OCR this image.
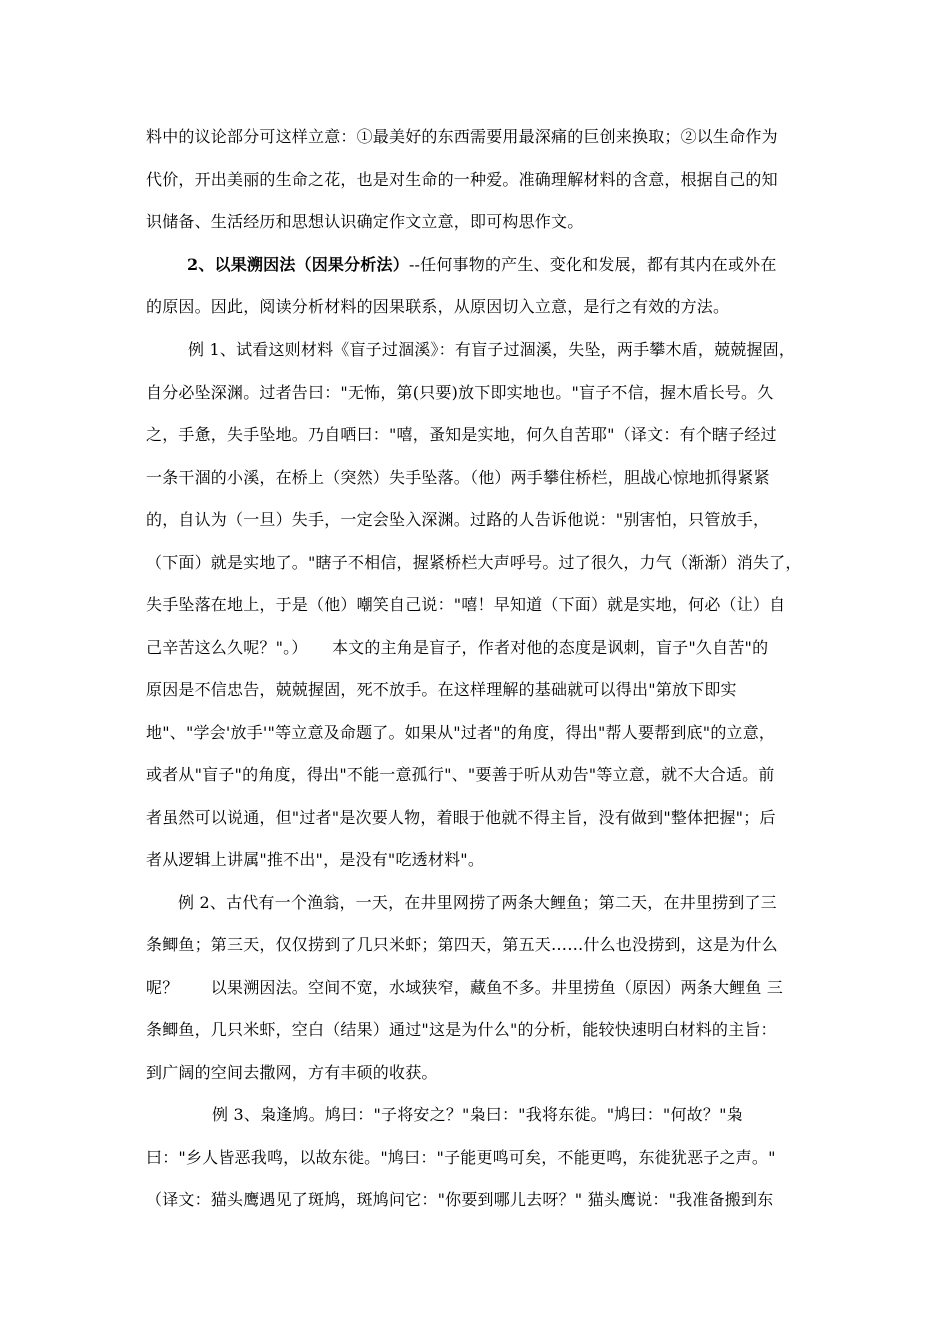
料中的议论部分可这样立意：①最美好的东西需要用最深痛的巨创来换取；②以生命作为
代价，开出美丽的生命之花，也是对生命的一种爱。准确理解材料的含意，根据自己的知
识储备、生活经历和思想认识确定作文立意，即可构思作文。
2、以果溯因法（因果分析法）--任何事物的产生、变化和发展，都有其内在或外在
的原因。因此，阅读分析材料的因果联系，从原因切入立意，是行之有效的方法。
例 1、试看这则材料《盲子过涸溪》：有盲子过涸溪，失坠，两手攀木盾，兢兢握固，
自分必坠深渊。过者告曰："无怖，第(只要)放下即实地也。"盲子不信，握木盾长号。久
之，手惫，失手坠地。乃自哂曰："嘻，蚤知是实地，何久自苦耶"（译文：有个瞎子经过
一条干涸的小溪，在桥上（突然）失手坠落。（他）两手攀住桥栏，胆战心惊地抓得紧紧
的，自认为（一旦）失手，一定会坠入深渊。过路的人告诉他说："别害怕，只管放手，
（下面）就是实地了。"瞎子不相信，握紧桥栏大声呼号。过了很久，力气（渐渐）消失了，
失手坠落在地上，于是（他）嘲笑自己说："嘻！早知道（下面）就是实地，何必（让）自
己辛苦这么久呢？"。）　　本文的主角是盲子，作者对他的态度是讽刺，盲子"久自苦"的
原因是不信忠告，兢兢握固，死不放手。在这样理解的基础就可以得出"第放下即实
地"、"学会'放手'"等立意及命题了。如果从"过者"的角度，得出"帮人要帮到底"的立意，
或者从"盲子"的角度，得出"不能一意孤行"、"要善于听从劝告"等立意，就不大合适。前
者虽然可以说通，但"过者"是次要人物，着眼于他就不得主旨，没有做到"整体把握"；后
者从逻辑上讲属"推不出"，是没有"吃透材料"。
例 2、古代有一个渔翁，一天，在井里网捞了两条大鲤鱼；第二天，在井里捞到了三
条鲫鱼；第三天，仅仅捞到了几只米虾；第四天，第五天……什么也没捞到，这是为什么
呢？　　以果溯因法。空间不宽，水域狭窄，藏鱼不多。井里捞鱼（原因）两条大鲤鱼 三
条鲫鱼，几只米虾，空白（结果）通过"这是为什么"的分析，能较快速明白材料的主旨：
到广阔的空间去撒网，方有丰硕的收获。
例 3、枭逢鸠。鸠曰："子将安之？"枭曰："我将东徙。"鸠曰："何故？"枭
曰："乡人皆恶我鸣，以故东徙。"鸠曰："子能更鸣可矣，不能更鸣，东徙犹恶子之声。"
（译文：猫头鹰遇见了斑鸠，斑鸠问它："你要到哪儿去呀？" 猫头鹰说："我准备搬到东
